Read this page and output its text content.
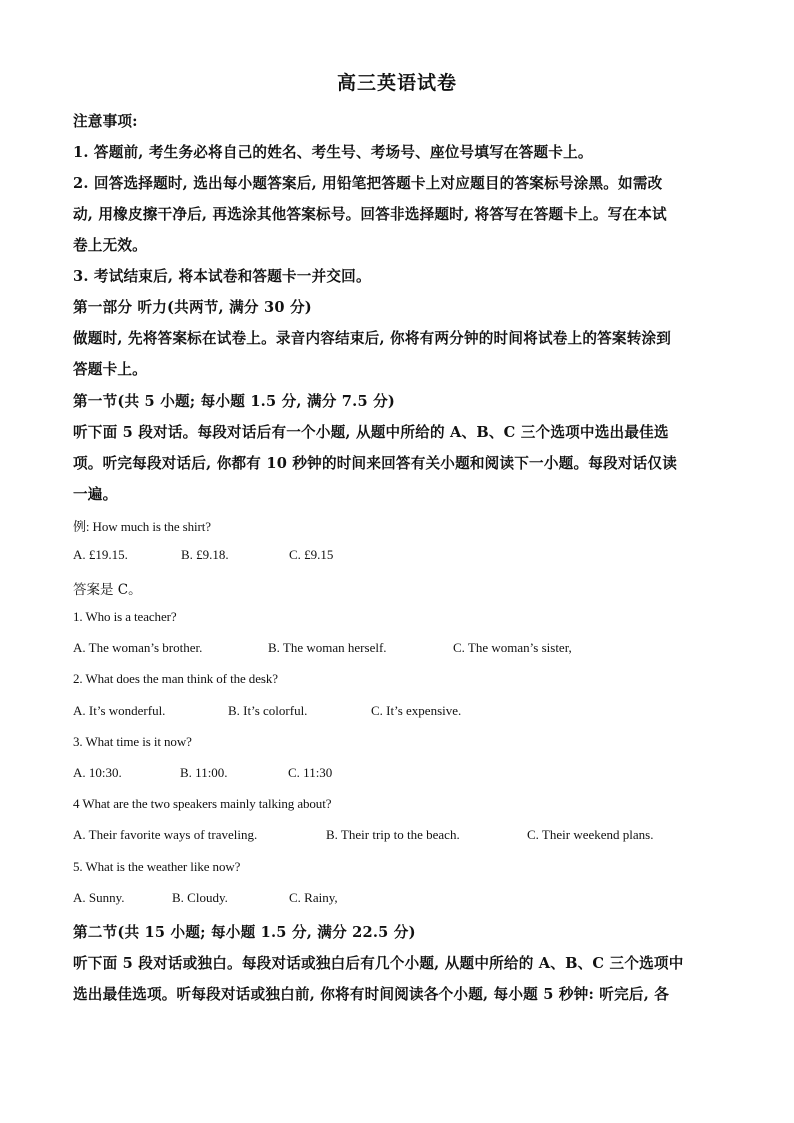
高三英语试卷
注意事项:
1. 答题前, 考生务必将自己的姓名、考生号、考场号、座位号填写在答题卡上。
2. 回答选择题时, 选出每小题答案后, 用铅笔把答题卡上对应题目的答案标号涂黑。如需改
动, 用橡皮擦干净后, 再选涂其他答案标号。回答非选择题时, 将答写在答题卡上。写在本试
卷上无效。
3. 考试结束后, 将本试卷和答题卡一并交回。
第一部分 听力(共两节, 满分 30 分)
做题时, 先将答案标在试卷上。录音内容结束后, 你将有两分钟的时间将试卷上的答案转涂到
答题卡上。
第一节(共 5 小题; 每小题 1.5 分, 满分 7.5 分)
听下面 5 段对话。每段对话后有一个小题, 从题中所给的 A、B、C 三个选项中选出最佳选
项。听完每段对话后, 你都有 10 秒钟的时间来回答有关小题和阅读下一小题。每段对话仅读
一遍。
例: How much is the shirt?
A. £19.15.	B. £9.18.	C. £9.15
答案是 C。
1. Who is a teacher?
A. The woman’s brother.	B. The woman herself.	C. The woman’s sister,
2. What does the man think of the desk?
A. It’s wonderful.	B. It’s colorful.	C. It’s expensive.
3. What time is it now?
A. 10:30.	B. 11:00.	C. 11:30
4 What are the two speakers mainly talking about?
A. Their favorite ways of traveling.	B. Their trip to the beach.	C. Their weekend plans.
5. What is the weather like now?
A. Sunny.	B. Cloudy.	C. Rainy,
第二节(共 15 小题; 每小题 1.5 分, 满分 22.5 分)
听下面 5 段对话或独白。每段对话或独白后有几个小题, 从题中所给的 A、B、C 三个选项中
选出最佳选项。听每段对话或独白前, 你将有时间阅读各个小题, 每小题 5 秒钟: 听完后, 各
